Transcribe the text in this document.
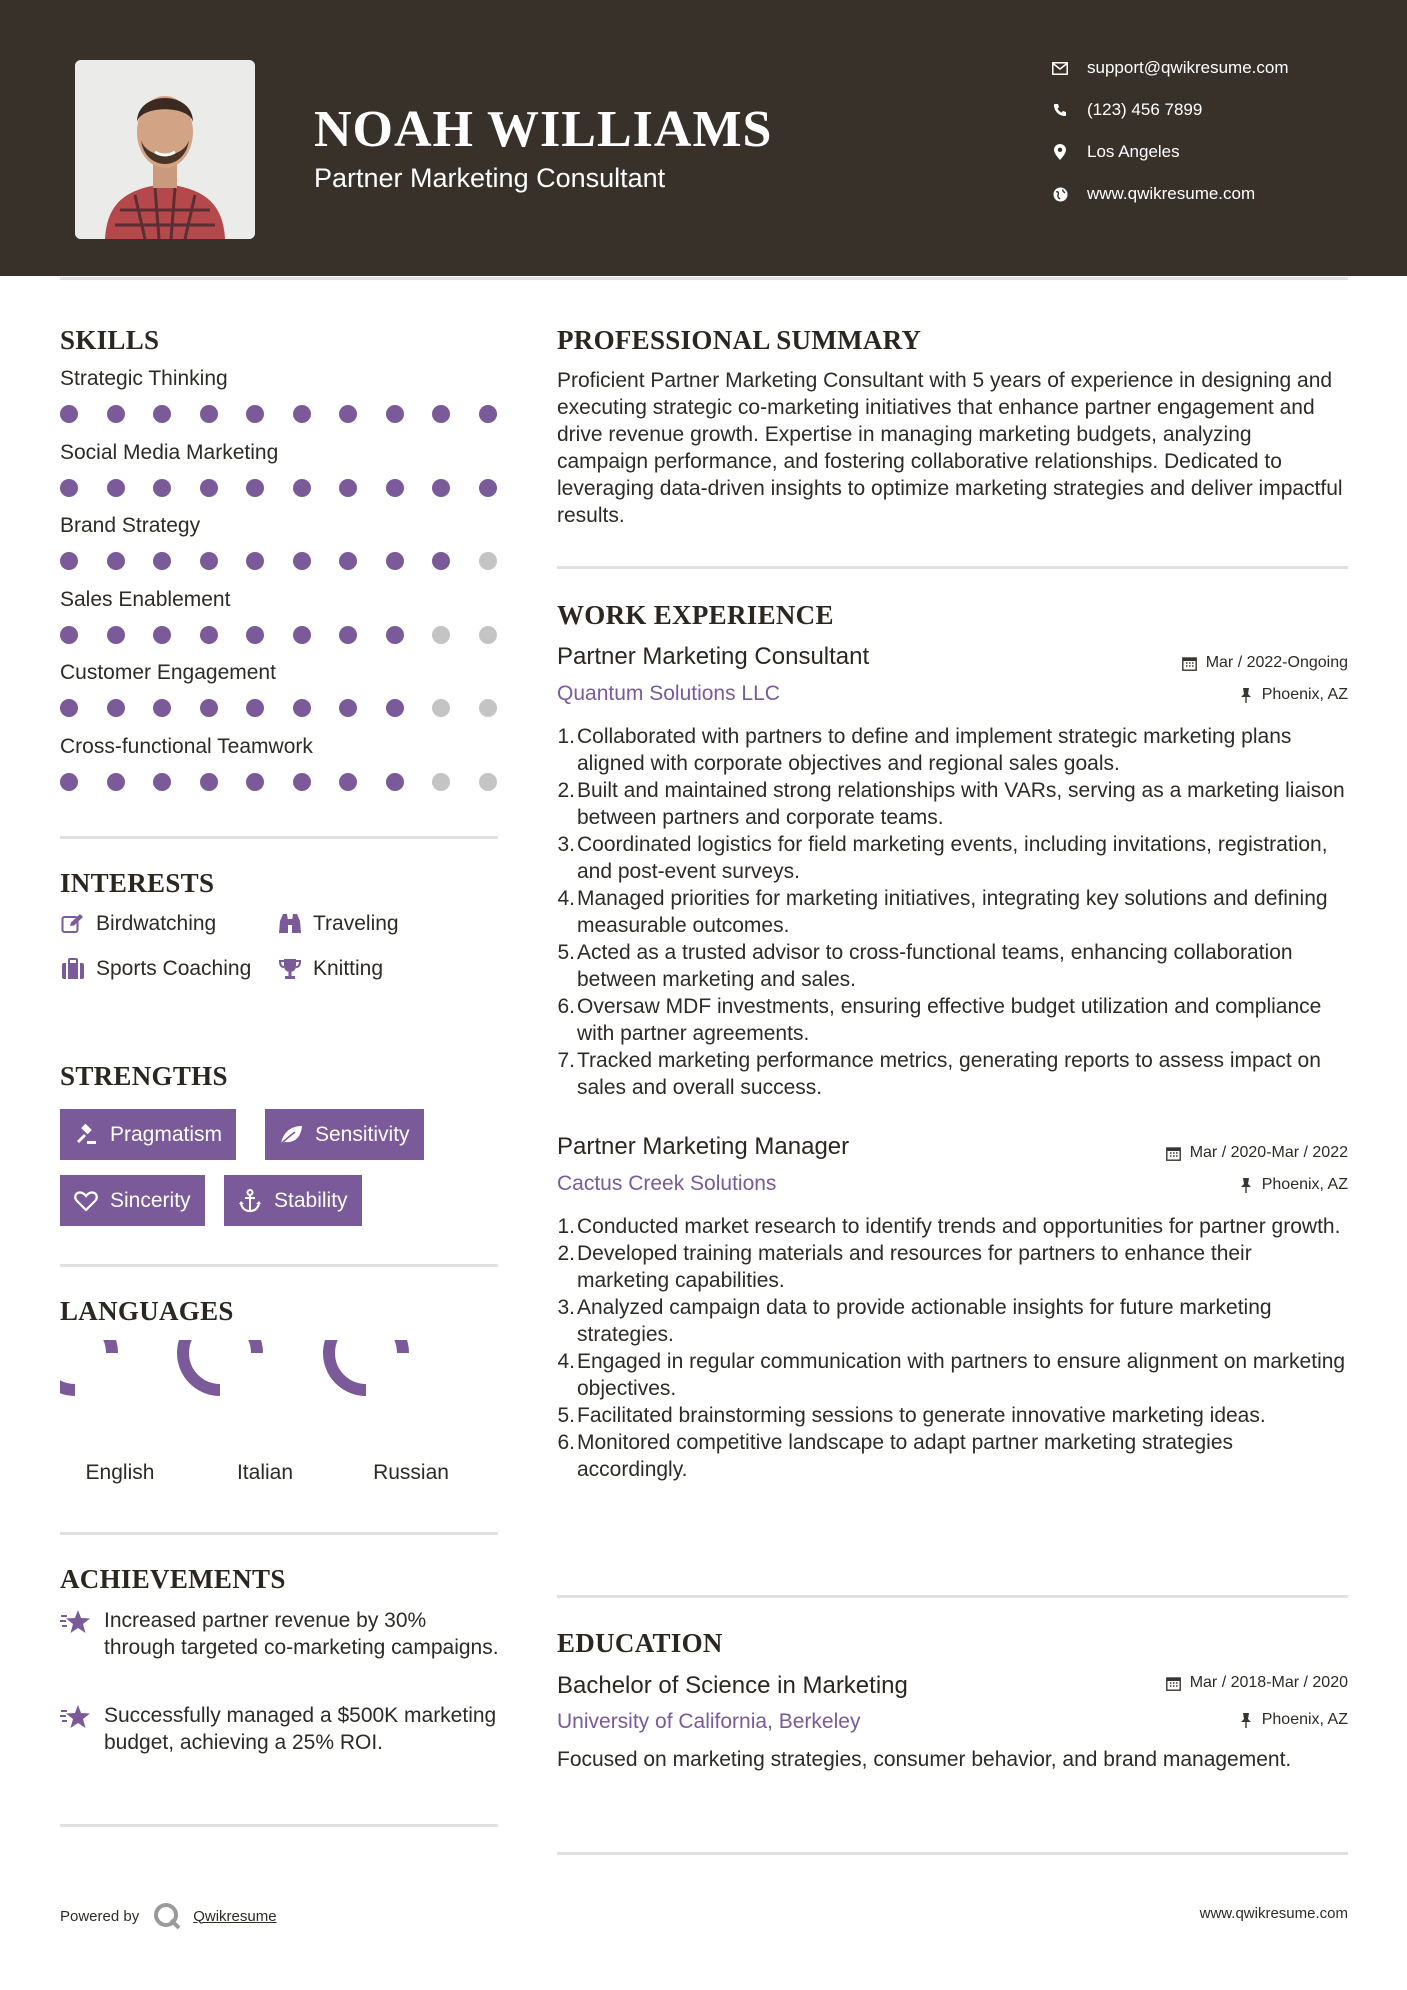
NOAH WILLIAMS
Partner Marketing Consultant
support@qwikresume.com
(123) 456 7899
Los Angeles
www.qwikresume.com
SKILLS
Strategic Thinking
Social Media Marketing
Brand Strategy
Sales Enablement
Customer Engagement
Cross-functional Teamwork
INTERESTS
Birdwatching	Traveling
Sports Coaching	Knitting
STRENGTHS
Pragmatism	Sensitivity
Sincerity	Stability
LANGUAGES
English	Italian	Russian
ACHIEVEMENTS
Increased partner revenue by 30% through targeted co-marketing campaigns.
Successfully managed a $500K marketing budget, achieving a 25% ROI.
PROFESSIONAL SUMMARY
Proficient Partner Marketing Consultant with 5 years of experience in designing and executing strategic co-marketing initiatives that enhance partner engagement and drive revenue growth. Expertise in managing marketing budgets, analyzing campaign performance, and fostering collaborative relationships. Dedicated to leveraging data-driven insights to optimize marketing strategies and deliver impactful results.
WORK EXPERIENCE
Partner Marketing Consultant	Mar / 2022-Ongoing
Quantum Solutions LLC	Phoenix, AZ
1. Collaborated with partners to define and implement strategic marketing plans aligned with corporate objectives and regional sales goals.
2. Built and maintained strong relationships with VARs, serving as a marketing liaison between partners and corporate teams.
3. Coordinated logistics for field marketing events, including invitations, registration, and post-event surveys.
4. Managed priorities for marketing initiatives, integrating key solutions and defining measurable outcomes.
5. Acted as a trusted advisor to cross-functional teams, enhancing collaboration between marketing and sales.
6. Oversaw MDF investments, ensuring effective budget utilization and compliance with partner agreements.
7. Tracked marketing performance metrics, generating reports to assess impact on sales and overall success.
Partner Marketing Manager	Mar / 2020-Mar / 2022
Cactus Creek Solutions	Phoenix, AZ
1. Conducted market research to identify trends and opportunities for partner growth.
2. Developed training materials and resources for partners to enhance their marketing capabilities.
3. Analyzed campaign data to provide actionable insights for future marketing strategies.
4. Engaged in regular communication with partners to ensure alignment on marketing objectives.
5. Facilitated brainstorming sessions to generate innovative marketing ideas.
6. Monitored competitive landscape to adapt partner marketing strategies accordingly.
EDUCATION
Bachelor of Science in Marketing	Mar / 2018-Mar / 2020
University of California, Berkeley	Phoenix, AZ
Focused on marketing strategies, consumer behavior, and brand management.
Powered by	Qwikresume	www.qwikresume.com
